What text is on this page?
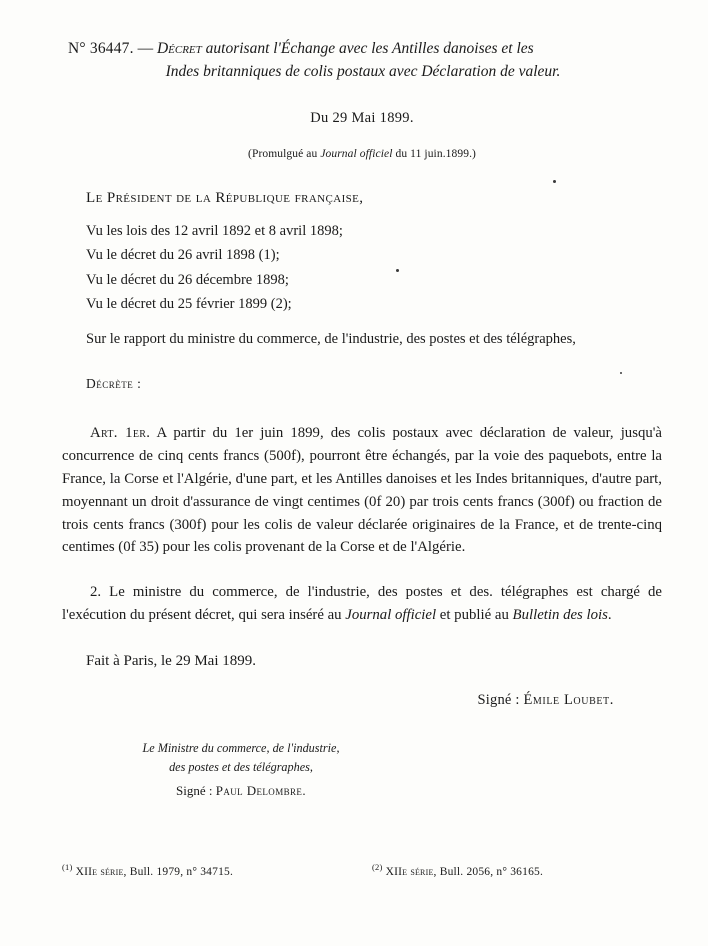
N° 36447. — Décret autorisant l'Échange avec les Antilles danoises et les
Indes britanniques de colis postaux avec Déclaration de valeur.
Du 29 Mai 1899.
(Promulgué au Journal officiel du 11 juin.1899.)
Le Président de la République française,
Vu les lois des 12 avril 1892 et 8 avril 1898;
Vu le décret du 26 avril 1898 (1);
Vu le décret du 26 décembre 1898;
Vu le décret du 25 février 1899 (2);
Sur le rapport du ministre du commerce, de l'industrie, des postes et des télégraphes,
Décrète :
Art. 1er. A partir du 1er juin 1899, des colis postaux avec déclaration de valeur, jusqu'à concurrence de cinq cents francs (500f), pourront être échangés, par la voie des paquebots, entre la France, la Corse et l'Algérie, d'une part, et les Antilles danoises et les Indes britanniques, d'autre part, moyennant un droit d'assurance de vingt centimes (0f 20) par trois cents francs (300f) ou fraction de trois cents francs (300f) pour les colis de valeur déclarée originaires de la France, et de trente-cinq centimes (0f 35) pour les colis provenant de la Corse et de l'Algérie.
2. Le ministre du commerce, de l'industrie, des postes et des. télégraphes est chargé de l'exécution du présent décret, qui sera inséré au Journal officiel et publié au Bulletin des lois.
Fait à Paris, le 29 Mai 1899.
Signé : Émile Loubet.
Le Ministre du commerce, de l'industrie,
des postes et des télégraphes,
Signé : Paul Delombre.
$^{(1)}$ XIIe série, Bull. 1979, n° 34715.	$^{(2)}$ XIIe série, Bull. 2056, n° 36165.
